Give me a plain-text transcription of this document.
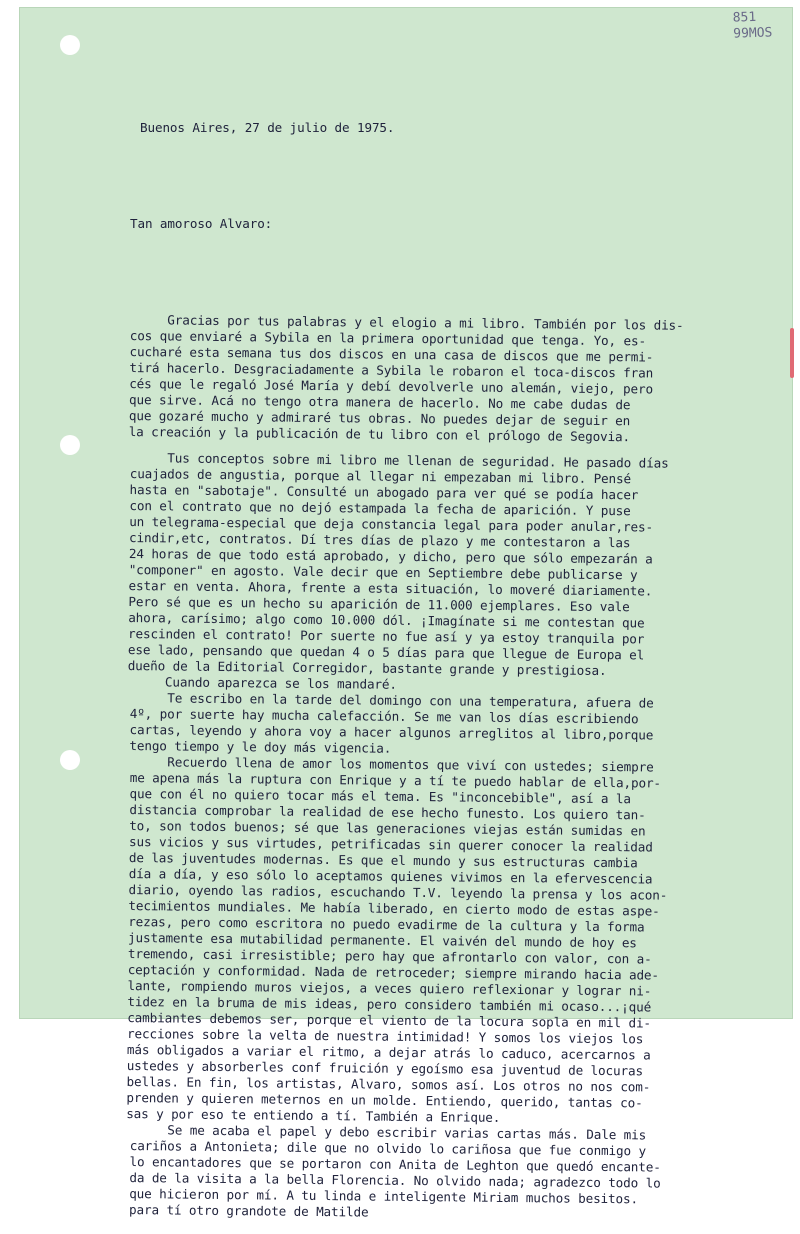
851
99MOS

Buenos Aires, 27 de julio de 1975.

Tan amoroso Alvaro:

Gracias por tus palabras y el elogio a mi libro. También por los dis-
cos que enviaré a Sybila en la primera oportunidad que tenga. Yo, es-
cucharé esta semana tus dos discos en una casa de discos que me permi-
tirá hacerlo. Desgraciadamente a Sybila le robaron el toca-discos fran
cés que le regaló José María y debí devolverle uno alemán, viejo, pero
que sirve. Acá no tengo otra manera de hacerlo. No me cabe dudas de
que gozaré mucho y admiraré tus obras. No puedes dejar de seguir en
la creación y la publicación de tu libro con el prólogo de Segovia.
Tus conceptos sobre mi libro me llenan de seguridad. He pasado días
cuajados de angustia, porque al llegar ni empezaban mi libro. Pensé
hasta en "sabotaje". Consulté un abogado para ver qué se podía hacer
con el contrato que no dejó estampada la fecha de aparición. Y puse
un telegrama-especial que deja constancia legal para poder anular,res-
cindir,etc, contratos. Dí tres días de plazo y me contestaron a las
24 horas de que todo está aprobado, y dicho, pero que sólo empezarán a
"componer" en agosto. Vale decir que en Septiembre debe publicarse y
estar en venta. Ahora, frente a esta situación, lo moveré diariamente.
Pero sé que es un hecho su aparición de 11.000 ejemplares. Eso vale
ahora, carísimo; algo como 10.000 dól. ¡Imagínate si me contestan que
rescinden el contrato! Por suerte no fue así y ya estoy tranquila por
ese lado, pensando que quedan 4 o 5 días para que llegue de Europa el
dueño de la Editorial Corregidor, bastante grande y prestigiosa.
Cuando aparezca se los mandaré.
Te escribo en la tarde del domingo con una temperatura, afuera de
4º, por suerte hay mucha calefacción. Se me van los días escribiendo
cartas, leyendo y ahora voy a hacer algunos arreglitos al libro,porque
tengo tiempo y le doy más vigencia.
Recuerdo llena de amor los momentos que viví con ustedes; siempre
me apena más la ruptura con Enrique y a tí te puedo hablar de ella,por-
que con él no quiero tocar más el tema. Es "inconcebible", así a la
distancia comprobar la realidad de ese hecho funesto. Los quiero tan-
to, son todos buenos; sé que las generaciones viejas están sumidas en
sus vicios y sus virtudes, petrificadas sin querer conocer la realidad
de las juventudes modernas. Es que el mundo y sus estructuras cambia
día a día, y eso sólo lo aceptamos quienes vivimos en la efervescencia
diario, oyendo las radios, escuchando T.V. leyendo la prensa y los acon-
tecimientos mundiales. Me había liberado, en cierto modo de estas aspe-
rezas, pero como escritora no puedo evadirme de la cultura y la forma
justamente esa mutabilidad permanente. El vaivén del mundo de hoy es
tremendo, casi irresistible; pero hay que afrontarlo con valor, con a-
ceptación y conformidad. Nada de retroceder; siempre mirando hacia ade-
lante, rompiendo muros viejos, a veces quiero reflexionar y lograr ni-
tidez en la bruma de mis ideas, pero considero también mi ocaso...¡qué
cambiantes debemos ser, porque el viento de la locura sopla en mil di-
recciones sobre la velta de nuestra intimidad! Y somos los viejos los
más obligados a variar el ritmo, a dejar atrás lo caduco, acercarnos a
ustedes y absorberles conf fruición y egoísmo esa juventud de locuras
bellas. En fin, los artistas, Alvaro, somos así. Los otros no nos com-
prenden y quieren meternos en un molde. Entiendo, querido, tantas co-
sas y por eso te entiendo a tí. También a Enrique.
Se me acaba el papel y debo escribir varias cartas más. Dale mis
cariños a Antonieta; dile que no olvido lo cariñosa que fue conmigo y
lo encantadores que se portaron con Anita de Leghton que quedó encante-
da de la visita a la bella Florencia. No olvido nada; agradezco todo lo
que hicieron por mí. A tu linda e inteligente Miriam muchos besitos.
para tí otro grandote de Matilde
